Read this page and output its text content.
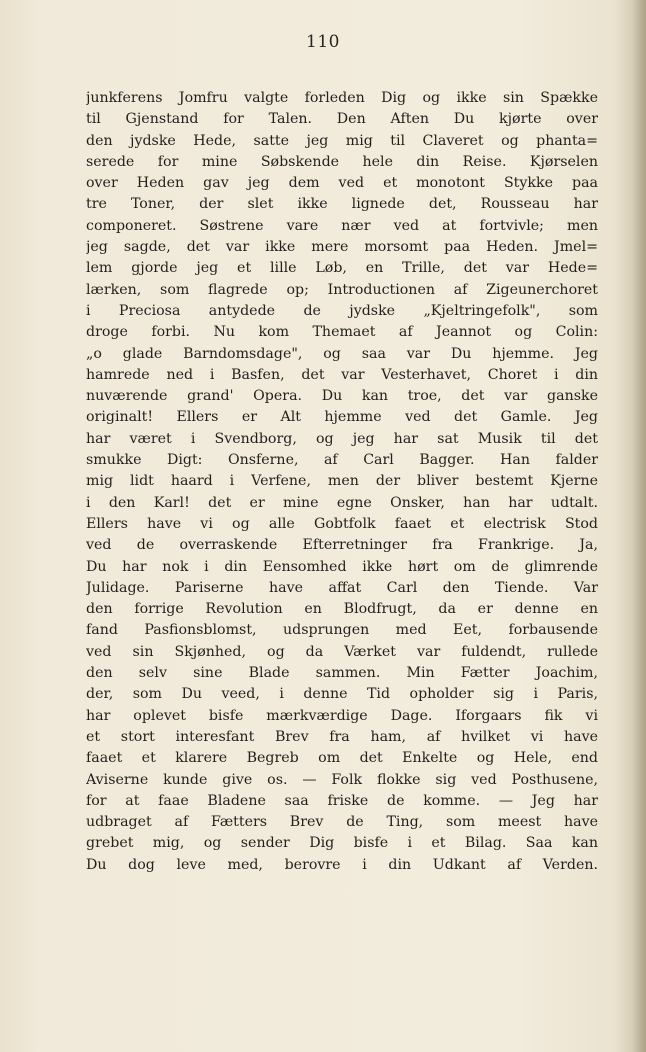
110
junkferens Jomfru valgte forleden Dig og ikke sin Spække
til Gjenstand for Talen. Den Aften Du kjørte over
den jydske Hede, satte jeg mig til Claveret og phanta=
serede for mine Søbskende hele din Reise. Kjørselen
over Heden gav jeg dem ved et monotont Stykke paa
tre Toner, der slet ikke lignede det, Rousseau har
componeret. Søstrene vare nær ved at fortvivle; men
jeg sagde, det var ikke mere morsomt paa Heden. Jmel=
lem gjorde jeg et lille Løb, en Trille, det var Hede=
lærken, som flagrede op; Introductionen af Zigeunerchoret
i Preciosa antydede de jydske „Kjeltringefolk", som
droge forbi. Nu kom Themaet af Jeannot og Colin:
„o glade Barndomsdage", og saa var Du hjemme. Jeg
hamrede ned i Basfen, det var Vesterhavet, Choret i din
nuværende grand' Opera. Du kan troe, det var ganske
originalt! Ellers er Alt hjemme ved det Gamle. Jeg
har været i Svendborg, og jeg har sat Musik til det
smukke Digt: Onsferne, af Carl Bagger. Han falder
mig lidt haard i Verfene, men der bliver bestemt Kjerne
i den Karl! det er mine egne Onsker, han har udtalt.
Ellers have vi og alle Gobtfolk faaet et electrisk Stod
ved de overraskende Efterretninger fra Frankrige. Ja,
Du har nok i din Eensomhed ikke hørt om de glimrende
Julidage. Pariserne have affat Carl den Tiende. Var
den forrige Revolution en Blodfrugt, da er denne en
fand Pasfionsblomst, udsprungen med Eet, forbausende
ved sin Skjønhed, og da Værket var fuldendt, rullede
den selv sine Blade sammen. Min Fætter Joachim,
der, som Du veed, i denne Tid opholder sig i Paris,
har oplevet bisfe mærkværdige Dage. Iforgaars fik vi
et stort interesfant Brev fra ham, af hvilket vi have
faaet et klarere Begreb om det Enkelte og Hele, end
Aviserne kunde give os. — Folk flokke sig ved Posthusene,
for at faae Bladene saa friske de komme. — Jeg har
udbraget af Fætters Brev de Ting, som meest have
grebet mig, og sender Dig bisfe i et Bilag. Saa kan
Du dog leve med, berovre i din Udkant af Verden.
